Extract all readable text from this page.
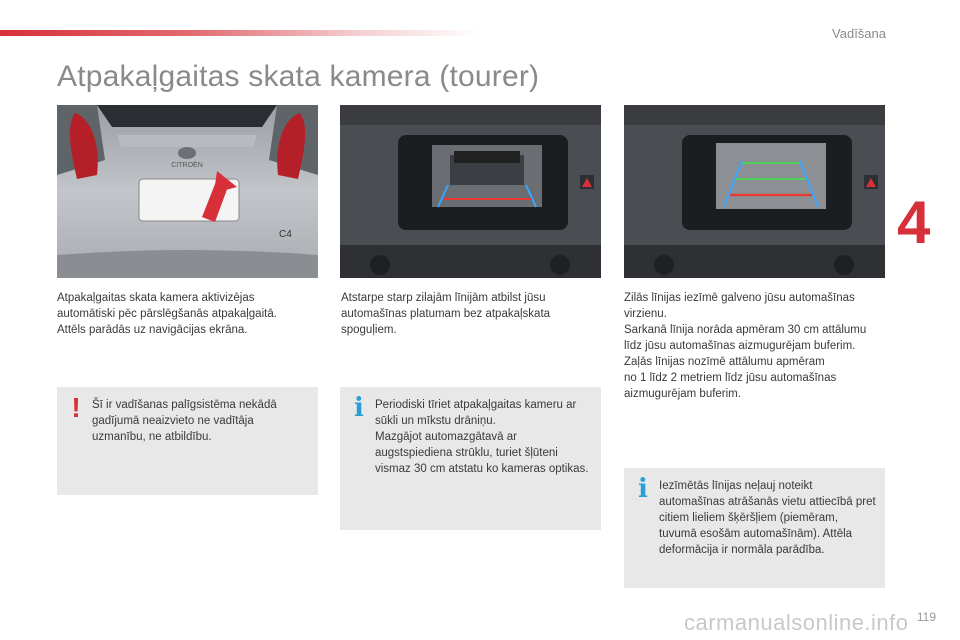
Vadīšana
Atpakaļgaitas skata kamera (tourer)
4
CITROËN
C4

Atpakaļgaitas skata kamera aktivizējas automātiski pēc pārslēgšanās atpakaļgaitā.

Attēls parādās uz navigācijas ekrāna.

Atstarpe starp zilajām līnijām atbilst jūsu automašīnas platumam bez atpakaļskata spoguļiem.

Zilās līnijas iezīmē galveno jūsu automašīnas virzienu.

Sarkanā līnija norāda apmēram 30 cm attālumu līdz jūsu automašīnas aizmugurējam buferim.

Zaļās līnijas nozīmē attālumu apmēram

no 1 līdz 2 metriem līdz jūsu automašīnas aizmugurējam buferim.

! Šī ir vadīšanas palīgsistēma nekādā gadījumā neaizvieto ne vadītāja uzmanību, ne atbildību.
i Periodiski tīriet atpakaļgaitas kameru ar sūkli un mīkstu drāniņu.
Mazgājot automazgātavā ar augstspiediena strūklu, turiet šļūteni vismaz 30 cm atstatu ko kameras optikas.
i Iezīmētās līnijas neļauj noteikt automašīnas atrāšanās vietu attiecībā pret citiem lieliem šķēršļiem (piemēram, tuvumā esošām automašīnām). Attēla deformācija ir normāla parādība.
carmanualsonline.info 119
